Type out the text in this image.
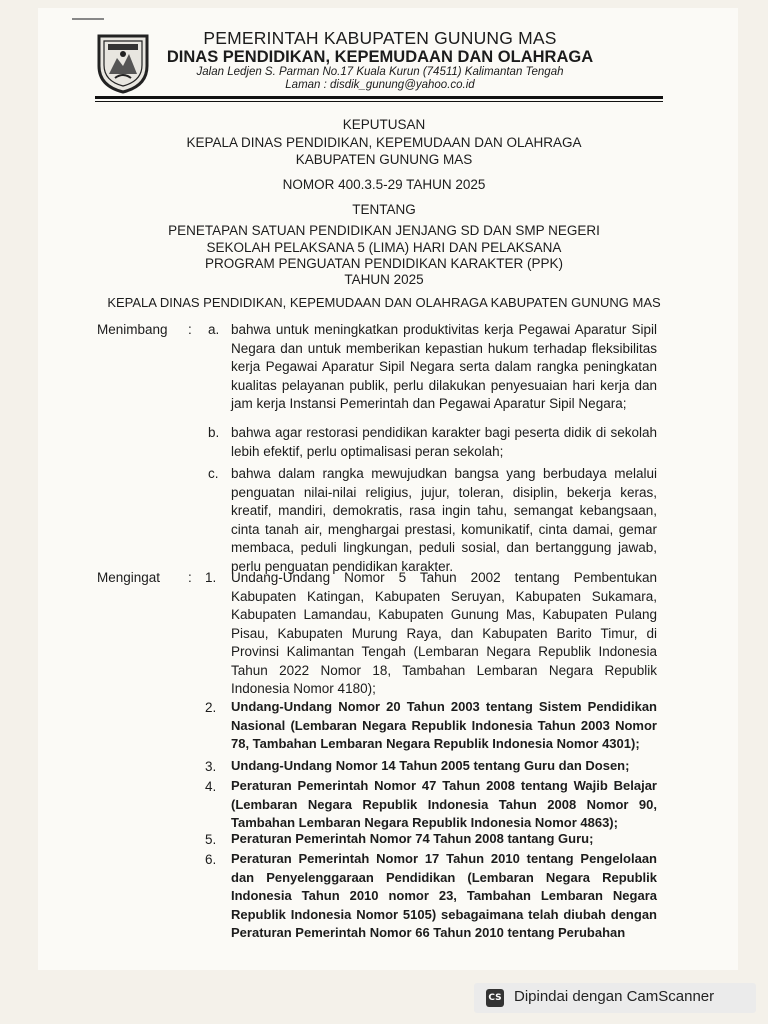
PEMERINTAH KABUPATEN GUNUNG MAS
DINAS PENDIDIKAN, KEPEMUDAAN DAN OLAHRAGA
Jalan Ledjen S. Parman No.17 Kuala Kurun (74511) Kalimantan Tengah
Laman : disdik_gunung@yahoo.co.id
KEPUTUSAN
KEPALA DINAS PENDIDIKAN, KEPEMUDAAN DAN OLAHRAGA
KABUPATEN GUNUNG MAS
NOMOR 400.3.5-29 TAHUN 2025
TENTANG
PENETAPAN SATUAN PENDIDIKAN JENJANG SD DAN SMP NEGERI
SEKOLAH PELAKSANA 5 (LIMA) HARI DAN PELAKSANA
PROGRAM PENGUATAN PENDIDIKAN KARAKTER (PPK)
TAHUN 2025
KEPALA DINAS PENDIDIKAN, KEPEMUDAAN DAN OLAHRAGA KABUPATEN GUNUNG MAS
Menimbang : a. bahwa untuk meningkatkan produktivitas kerja Pegawai Aparatur Sipil Negara dan untuk memberikan kepastian hukum terhadap fleksibilitas kerja Pegawai Aparatur Sipil Negara serta dalam rangka peningkatan kualitas pelayanan publik, perlu dilakukan penyesuaian hari kerja dan jam kerja Instansi Pemerintah dan Pegawai Aparatur Sipil Negara;

b. bahwa agar restorasi pendidikan karakter bagi peserta didik di sekolah lebih efektif, perlu optimalisasi peran sekolah;

c. bahwa dalam rangka mewujudkan bangsa yang berbudaya melalui penguatan nilai-nilai religius, jujur, toleran, disiplin, bekerja keras, kreatif, mandiri, demokratis, rasa ingin tahu, semangat kebangsaan, cinta tanah air, menghargai prestasi, komunikatif, cinta damai, gemar membaca, peduli lingkungan, peduli sosial, dan bertanggung jawab, perlu penguatan pendidikan karakter.

Mengingat : 1. Undang-Undang Nomor 5 Tahun 2002 tentang Pembentukan Kabupaten Katingan, Kabupaten Seruyan, Kabupaten Sukamara, Kabupaten Lamandau, Kabupaten Gunung Mas, Kabupaten Pulang Pisau, Kabupaten Murung Raya, dan Kabupaten Barito Timur, di Provinsi Kalimantan Tengah (Lembaran Negara Republik Indonesia Tahun 2022 Nomor 18, Tambahan Lembaran Negara Republik Indonesia Nomor 4180);

2. Undang-Undang Nomor 20 Tahun 2003 tentang Sistem Pendidikan Nasional (Lembaran Negara Republik Indonesia Tahun 2003 Nomor 78, Tambahan Lembaran Negara Republik Indonesia Nomor 4301);

3. Undang-Undang Nomor 14 Tahun 2005 tentang Guru dan Dosen;

4. Peraturan Pemerintah Nomor 47 Tahun 2008 tentang Wajib Belajar (Lembaran Negara Republik Indonesia Tahun 2008 Nomor 90, Tambahan Lembaran Negara Republik Indonesia Nomor 4863);

5. Peraturan Pemerintah Nomor 74 Tahun 2008 tantang Guru;

6. Peraturan Pemerintah Nomor 17 Tahun 2010 tentang Pengelolaan dan Penyelenggaraan Pendidikan (Lembaran Negara Republik Indonesia Tahun 2010 nomor 23, Tambahan Lembaran Negara Republik Indonesia Nomor 5105) sebagaimana telah diubah dengan Peraturan Pemerintah Nomor 66 Tahun 2010 tentang Perubahan

CS Dipindai dengan CamScanner
